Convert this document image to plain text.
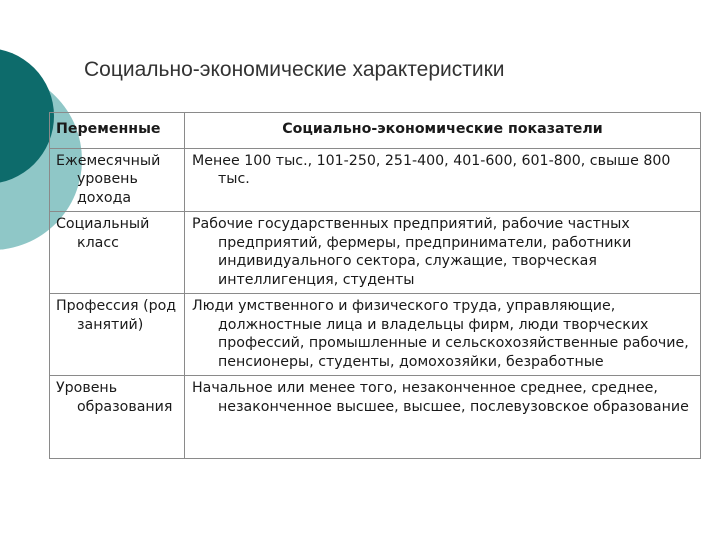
Социально-экономические характеристики
Переменные	Социально-экономические показатели
Ежемесячный уровень дохода	Менее 100 тыс., 101-250, 251-400, 401-600, 601-800, свыше 800 тыс.
Социальный класс	Рабочие государственных предприятий, рабочие частных предприятий, фермеры, предприниматели, работники индивидуального сектора, служащие, творческая интеллигенция, студенты
Профессия (род занятий)	Люди умственного и физического труда, управляющие, должностные лица и владельцы фирм, люди творческих профессий, промышленные и сельскохозяйственные рабочие, пенсионеры, студенты, домохозяйки, безработные
Уровень образования	Начальное или менее того, незаконченное среднее, среднее, незаконченное высшее, высшее, послевузовское образование
